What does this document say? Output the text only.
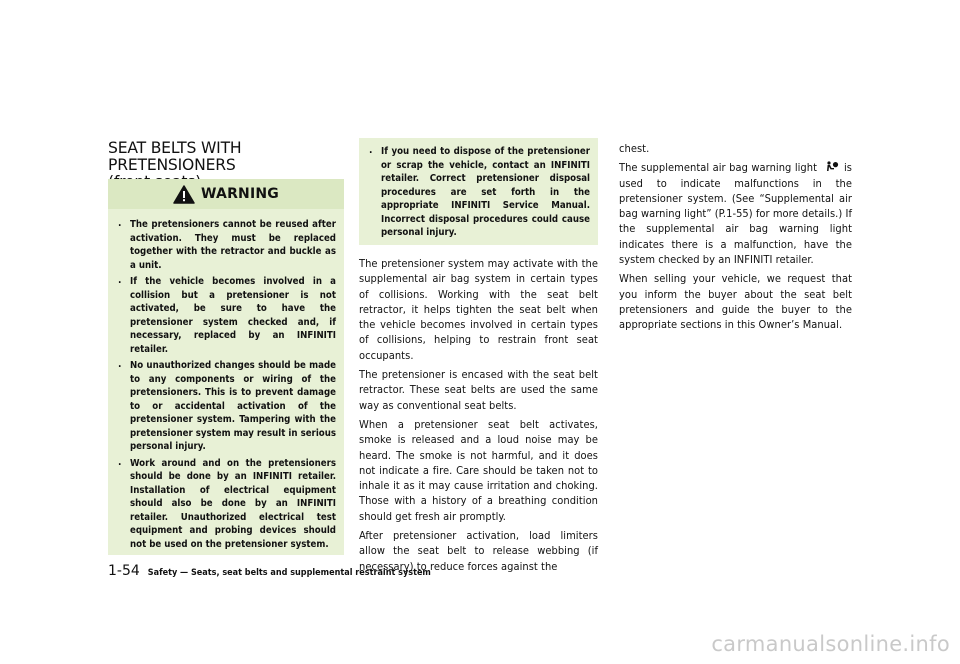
SEAT BELTS WITH PRETENSIONERS

WARNING
. The pretensioners cannot be reused after activation. They must be replaced together with the retractor and buckle as a unit.
. If the vehicle becomes involved in a collision but a pretensioner is not activated, be sure to have the pretensioner system checked and, if necessary, replaced by an INFINITI retailer.
. No unauthorized changes should be made to any components or wiring of the pretensioners. This is to prevent damage to or accidental activation of the pretensioner system. Tampering with the pretensioner system may result in serious personal injury.
. Work around and on the pretensioners should be done by an INFINITI retailer. Installation of electrical equipment should also be done by an INFINITI retailer. Unauthorized electrical test equipment and probing devices should not be used on the pretensioner system.
. If you need to dispose of the pretensioner or scrap the vehicle, contact an INFINITI retailer. Correct pretensioner disposal procedures are set forth in the appropriate INFINITI Service Manual. Incorrect disposal procedures could cause personal injury.

The pretensioner system may activate with the supplemental air bag system in certain types of collisions. Working with the seat belt retractor, it helps tighten the seat belt when the vehicle becomes involved in certain types of collisions, helping to restrain front seat occupants.

The pretensioner is encased with the seat belt retractor. These seat belts are used the same way as conventional seat belts.

When a pretensioner seat belt activates, smoke is released and a loud noise may be heard. The smoke is not harmful, and it does not indicate a fire. Care should be taken not to inhale it as it may cause irritation and choking. Those with a history of a breathing condition should get fresh air promptly.

After pretensioner activation, load limiters allow the seat belt to release webbing (if necessary) to reduce forces against the

chest.

The supplemental air bag warning light is used to indicate malfunctions in the pretensioner system. (See “Supplemental air bag warning light” (P.1-55) for more details.) If the supplemental air bag warning light indicates there is a malfunction, have the system checked by an INFINITI retailer.

When selling your vehicle, we request that you inform the buyer about the seat belt pretensioners and guide the buyer to the appropriate sections in this Owner’s Manual.

1-54 Safety — Seats, seat belts and supplemental restraint system
carmanualsonline.info
